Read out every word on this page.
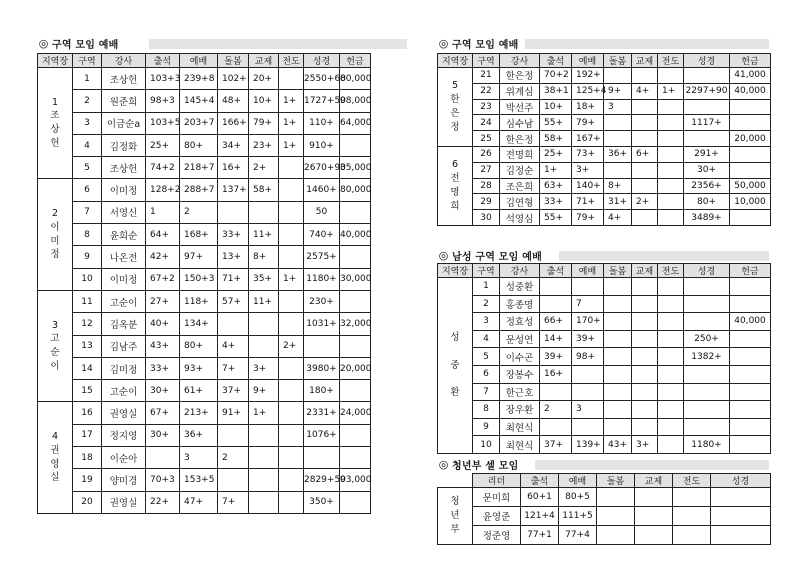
◎ 구역 모임 예배
지역장	구역	강사	출석	예배	돌봄	교제	전도	성경	헌금

1
조
상
헌	1	조상헌	103+3	239+8	102+	20+		2550+60	80,000
	2	원준희	98+3	145+4	48+	10+	1+	1727+50	98,000
	3	이금순a	103+5	203+7	166+	79+	1+	110+	64,000
	4	김정화	25+	80+	34+	23+	1+	910+	
	5	조상헌	74+2	218+7	16+	2+		2670+90	35,000

2
이
미
정	6	이미정	128+2	288+7	137+	58+		1460+	80,000
	7	서영신	1	2				50	
	8	윤희순	64+	168+	33+	11+		740+	40,000
	9	나온전	42+	97+	13+	8+		2575+	
	10	이미정	67+2	150+3	71+	35+	1+	1180+	30,000

3
고
순
이	11	고순이	27+	118+	57+	11+		230+	
	12	김옥분	40+	134+				1031+	32,000
	13	김남주	43+	80+	4+		2+		
	14	김미정	33+	93+	7+	3+		3980+	20,000
	15	고순이	30+	61+	37+	9+		180+	

4
권
영
실	16	권영실	67+	213+	91+	1+		2331+	24,000
	17	정지영	30+	36+				1076+	
	18	이순아		3	2				
	19	양미경	70+3	153+5				2829+50	93,000
	20	권영실	22+	47+	7+			350+	
◎ 구역 모임 예배
지역장	구역	강사	출석	예배	돌봄	교제	전도	성경	헌금

5
한
은
정	21	한은정	70+2	192+					41,000
	22	위계심	38+1	125+4	9+	4+	1+	2297+90	40,000
	23	박선주	10+	18+	3				
	24	심수남	55+	79+				1117+	
	25	한은정	58+	167+					20,000

6
전
명
희	26	전명희	25+	73+	36+	6+		291+	
	27	김정순	1+	3+				30+	
	28	조은희	63+	140+	8+			2356+	50,000
	29	김연형	33+	71+	31+	2+		80+	10,000
	30	석영심	55+	79+	4+			3489+	
◎ 남성 구역 모임 예배
지역장	구역	강사	출석	예배	돌봄	교제	전도	성경	헌금

성
중
환	1	성중환							
	2	홍종명		7					
	3	정효성	66+	170+					40,000
	4	문성연	14+	39+				250+	
	5	이수곤	39+	98+				1382+	
	6	장봉수	16+						
	7	한근호							
	8	장우환	2	3					
	9	최현식							
	10	최현식	37+	139+	43+	3+		1180+	
◎ 청년부 셀 모임
	리더	출석	예배	돌봄	교제	전도	성경

청
년
부	문미희	60+1	80+5				
	윤영준	121+4	111+5				
	정준영	77+1	77+4				
